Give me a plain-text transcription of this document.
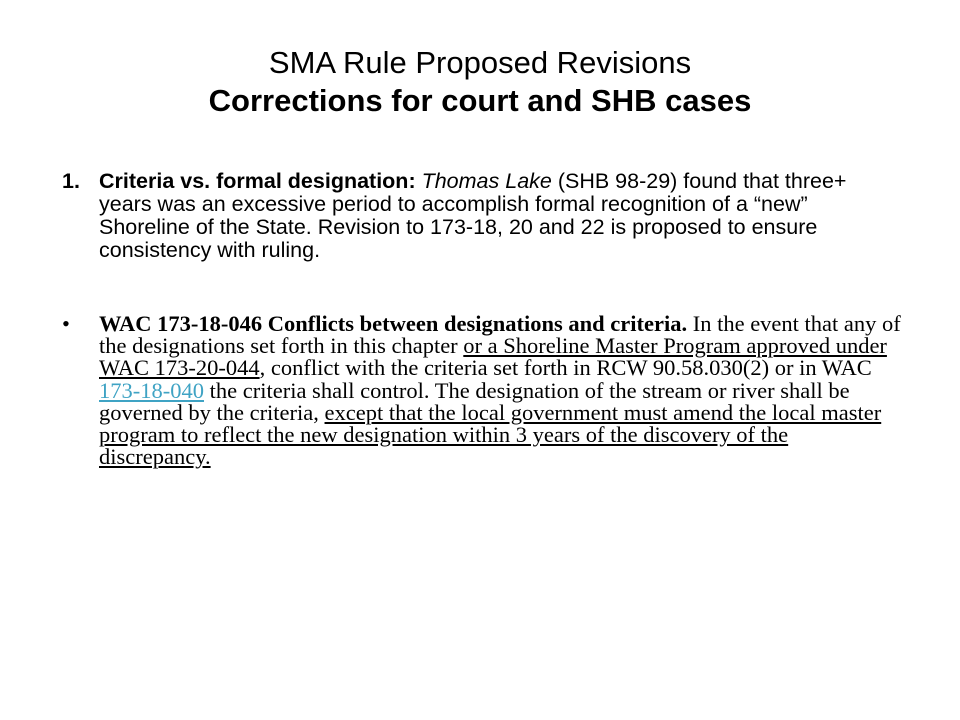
SMA Rule Proposed Revisions
Corrections for court and SHB cases
1. Criteria vs. formal designation: Thomas Lake (SHB 98-29) found that three+ years was an excessive period to accomplish formal recognition of a “new” Shoreline of the State. Revision to 173-18, 20 and 22 is proposed to ensure consistency with ruling.
• WAC 173-18-046 Conflicts between designations and criteria. In the event that any of the designations set forth in this chapter or a Shoreline Master Program approved under WAC 173-20-044, conflict with the criteria set forth in RCW 90.58.030(2) or in WAC 173-18-040 the criteria shall control. The designation of the stream or river shall be governed by the criteria, except that the local government must amend the local master program to reflect the new designation within 3 years of the discovery of the discrepancy.
